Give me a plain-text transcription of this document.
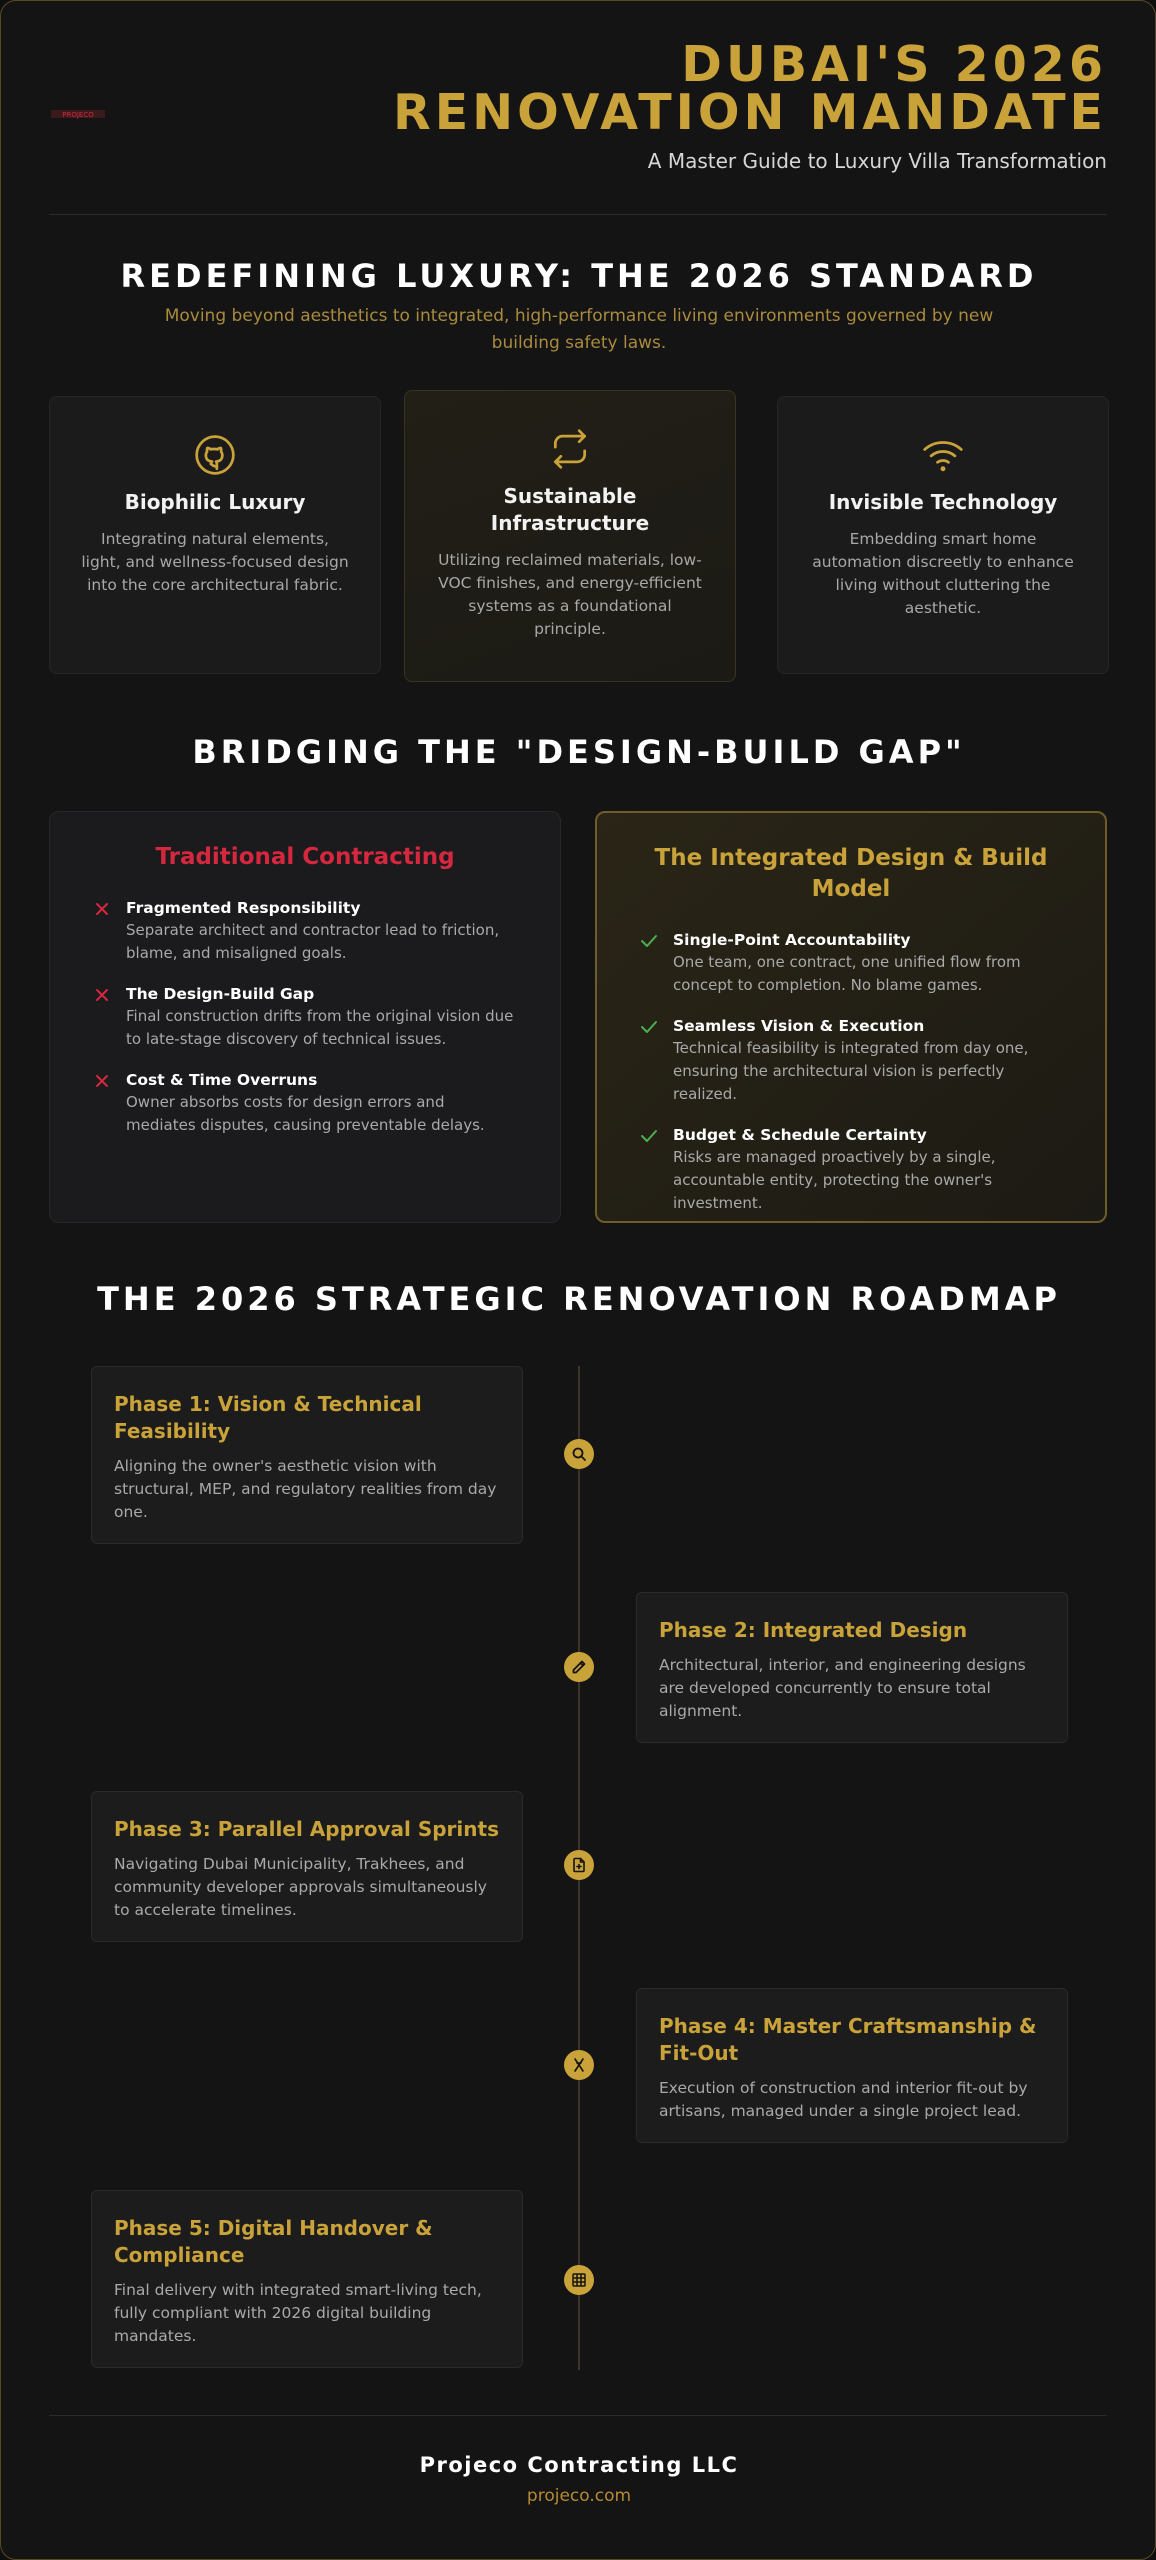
PROJECO
DUBAI'S 2026 RENOVATION MANDATE
A Master Guide to Luxury Villa Transformation
REDEFINING LUXURY: THE 2026 STANDARD
Moving beyond aesthetics to integrated, high-performance living environments governed by new building safety laws.
Biophilic Luxury
Integrating natural elements, light, and wellness-focused design into the core architectural fabric.
Sustainable Infrastructure
Utilizing reclaimed materials, low-VOC finishes, and energy-efficient systems as a foundational principle.
Invisible Technology
Embedding smart home automation discreetly to enhance living without cluttering the aesthetic.
BRIDGING THE "DESIGN-BUILD GAP"
Traditional Contracting
Fragmented Responsibility
Separate architect and contractor lead to friction, blame, and misaligned goals.
The Design-Build Gap
Final construction drifts from the original vision due to late-stage discovery of technical issues.
Cost & Time Overruns
Owner absorbs costs for design errors and mediates disputes, causing preventable delays.
The Integrated Design & Build Model
Single-Point Accountability
One team, one contract, one unified flow from concept to completion. No blame games.
Seamless Vision & Execution
Technical feasibility is integrated from day one, ensuring the architectural vision is perfectly realized.
Budget & Schedule Certainty
Risks are managed proactively by a single, accountable entity, protecting the owner's investment.
THE 2026 STRATEGIC RENOVATION ROADMAP
Phase 1: Vision & Technical Feasibility
Aligning the owner's aesthetic vision with structural, MEP, and regulatory realities from day one.
Phase 2: Integrated Design
Architectural, interior, and engineering designs are developed concurrently to ensure total alignment.
Phase 3: Parallel Approval Sprints
Navigating Dubai Municipality, Trakhees, and community developer approvals simultaneously to accelerate timelines.
Phase 4: Master Craftsmanship & Fit-Out
Execution of construction and interior fit-out by artisans, managed under a single project lead.
Phase 5: Digital Handover & Compliance
Final delivery with integrated smart-living tech, fully compliant with 2026 digital building mandates.
Projeco Contracting LLC
projeco.com
